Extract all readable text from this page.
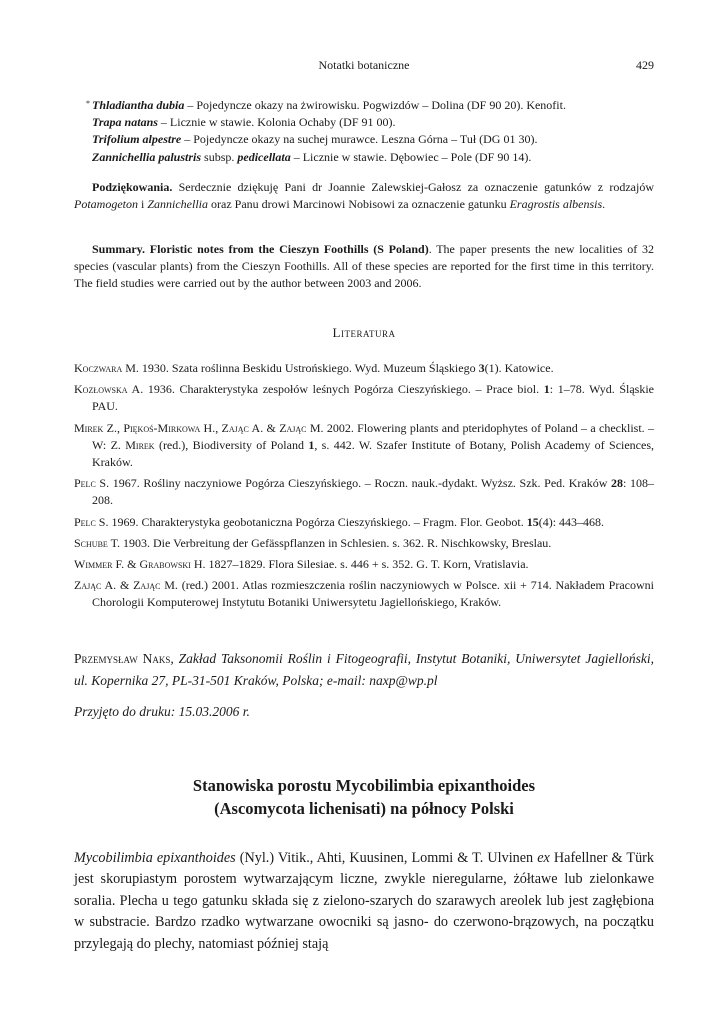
Notatki botaniczne	429
* Thladiantha dubia – Pojedyncze okazy na żwirowisku. Pogwizdów – Dolina (DF 90 20). Kenofit.
Trapa natans – Licznie w stawie. Kolonia Ochaby (DF 91 00).
Trifolium alpestre – Pojedyncze okazy na suchej murawce. Leszna Górna – Tuł (DG 01 30).
Zannichellia palustris subsp. pedicellata – Licznie w stawie. Dębowiec – Pole (DF 90 14).
Podziękowania. Serdecznie dziękuję Pani dr Joannie Zalewskiej-Gałosz za oznaczenie gatunków z rodzajów Potamogeton i Zannichellia oraz Panu drowi Marcinowi Nobisowi za oznaczenie gatunku Eragrostis albensis.
Summary. Floristic notes from the Cieszyn Foothills (S Poland). The paper presents the new localities of 32 species (vascular plants) from the Cieszyn Foothills. All of these species are reported for the first time in this territory. The field studies were carried out by the author between 2003 and 2006.
Literatura
Koczwara M. 1930. Szata roślinna Beskidu Ustrońskiego. Wyd. Muzeum Śląskiego 3(1). Katowice.
Kozłowska A. 1936. Charakterystyka zespołów leśnych Pogórza Cieszyńskiego. – Prace biol. 1: 1–78. Wyd. Śląskie PAU.
Mirek Z., Piękoś-Mirkowa H., Zając A. & Zając M. 2002. Flowering plants and pteridophytes of Poland – a checklist. – W: Z. Mirek (red.), Biodiversity of Poland 1, s. 442. W. Szafer Institute of Botany, Polish Academy of Sciences, Kraków.
Pelc S. 1967. Rośliny naczyniowe Pogórza Cieszyńskiego. – Roczn. nauk.-dydakt. Wyższ. Szk. Ped. Kraków 28: 108–208.
Pelc S. 1969. Charakterystyka geobotaniczna Pogórza Cieszyńskiego. – Fragm. Flor. Geobot. 15(4): 443–468.
Schube T. 1903. Die Verbreitung der Gefässpflanzen in Schlesien. s. 362. R. Nischkowsky, Breslau.
Wimmer F. & Grabowski H. 1827–1829. Flora Silesiae. s. 446 + s. 352. G. T. Korn, Vratislavia.
Zając A. & Zając M. (red.) 2001. Atlas rozmieszczenia roślin naczyniowych w Polsce. xii + 714. Nakładem Pracowni Chorologii Komputerowej Instytutu Botaniki Uniwersytetu Jagiellońskiego, Kraków.
Przemysław Naks, Zakład Taksonomii Roślin i Fitogeografii, Instytut Botaniki, Uniwersytet Jagielloński, ul. Kopernika 27, PL-31-501 Kraków, Polska; e-mail: naxp@wp.pl
Przyjęto do druku: 15.03.2006 r.
Stanowiska porostu Mycobilimbia epixanthoides
(Ascomycota lichenisati) na północy Polski
Mycobilimbia epixanthoides (Nyl.) Vitik., Ahti, Kuusinen, Lommi & T. Ulvinen ex Hafellner & Türk jest skorupiastym porostem wytwarzającym liczne, zwykle nieregularne, żółtawe lub zielonkawe soralia. Plecha u tego gatunku składa się z zielono-szarych do szarawych areolek lub jest zagłębiona w substracie. Bardzo rzadko wytwarzane owocniki są jasno- do czerwono-brązowych, na początku przylegają do plechy, natomiast później stają
